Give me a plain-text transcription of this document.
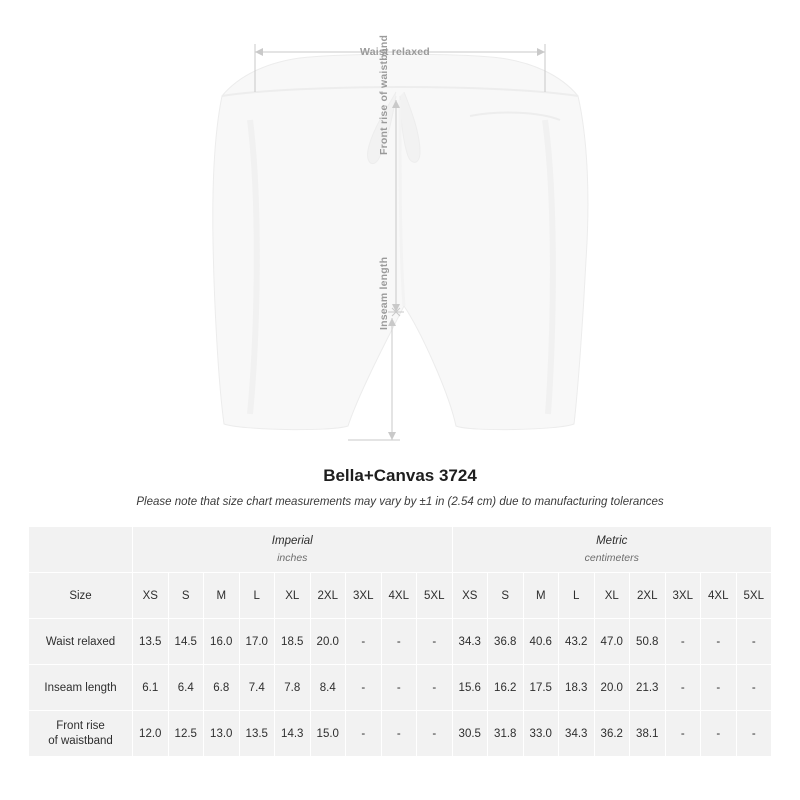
Waist relaxed
Front rise of waistband
Inseam length
Bella+Canvas 3724
Please note that size chart measurements may vary by ±1 in (2.54 cm) due to manufacturing tolerances
	Imperial
inches									Metric
centimeters								

Size	XS	S	M	L	XL	2XL	3XL	4XL	5XL	XS	S	M	L	XL	2XL	3XL	4XL	5XL
Waist relaxed	13.5	14.5	16.0	17.0	18.5	20.0	-	-	-	34.3	36.8	40.6	43.2	47.0	50.8	-	-	-
Inseam length	6.1	6.4	6.8	7.4	7.8	8.4	-	-	-	15.6	16.2	17.5	18.3	20.0	21.3	-	-	-
Front rise
of waistband	12.0	12.5	13.0	13.5	14.3	15.0	-	-	-	30.5	31.8	33.0	34.3	36.2	38.1	-	-	-
